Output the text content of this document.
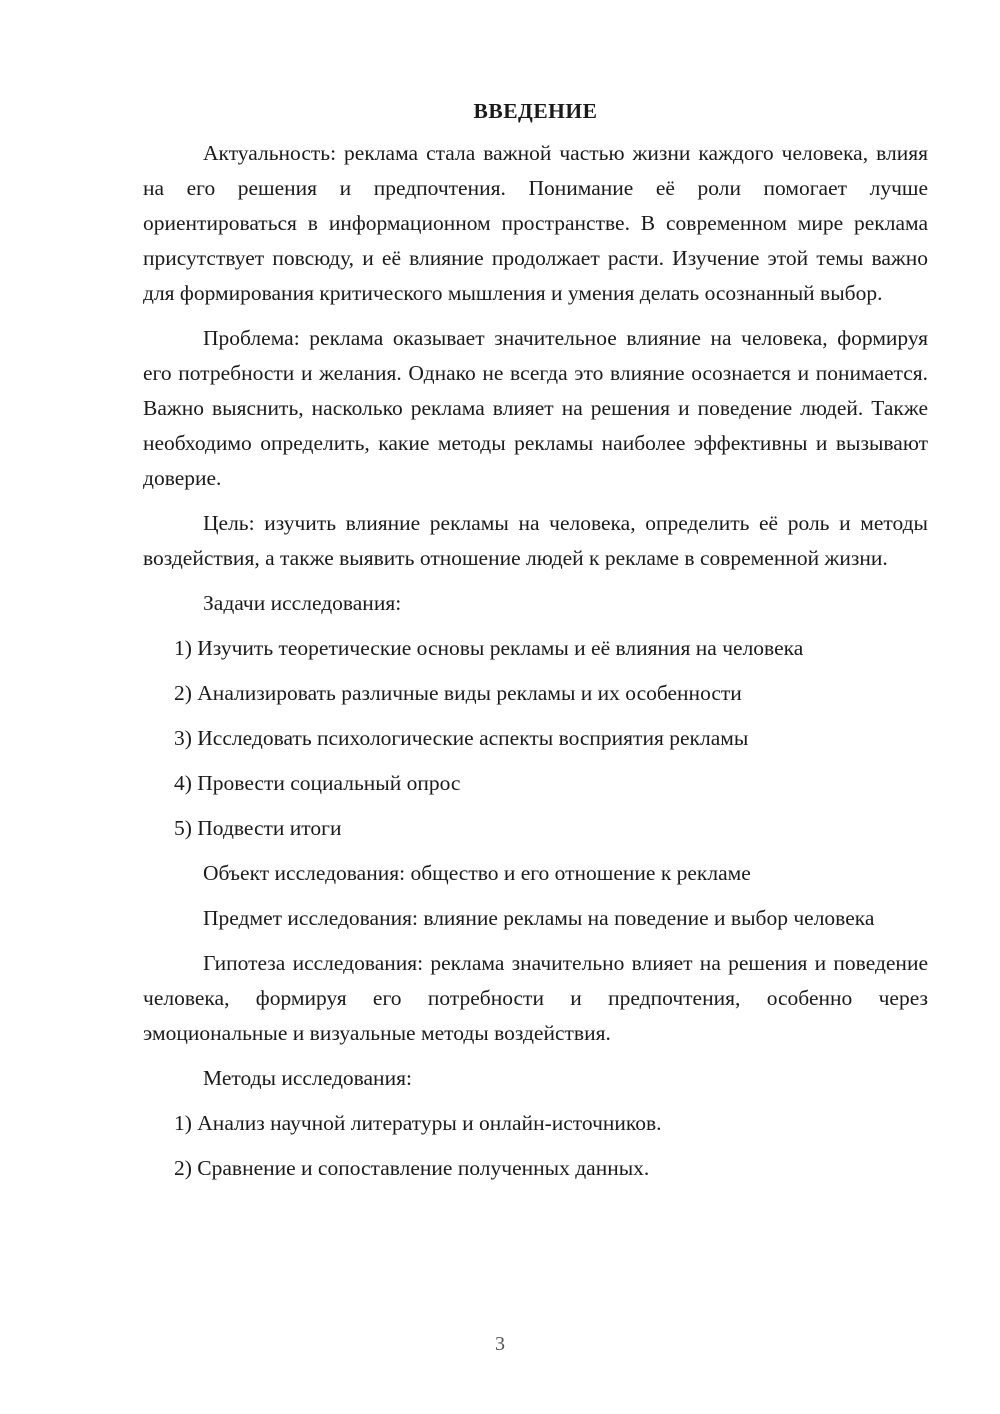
ВВЕДЕНИЕ

Актуальность: реклама стала важной частью жизни каждого человека, влияя на его решения и предпочтения. Понимание её роли помогает лучше ориентироваться в информационном пространстве. В современном мире реклама присутствует повсюду, и её влияние продолжает расти. Изучение этой темы важно для формирования критического мышления и умения делать осознанный выбор.

Проблема: реклама оказывает значительное влияние на человека, формируя его потребности и желания. Однако не всегда это влияние осознается и понимается. Важно выяснить, насколько реклама влияет на решения и поведение людей. Также необходимо определить, какие методы рекламы наиболее эффективны и вызывают доверие.

Цель: изучить влияние рекламы на человека, определить её роль и методы воздействия, а также выявить отношение людей к рекламе в современной жизни.

Задачи исследования:
1) Изучить теоретические основы рекламы и её влияния на человека
2) Анализировать различные виды рекламы и их особенности
3) Исследовать психологические аспекты восприятия рекламы
4) Провести социальный опрос
5) Подвести итоги
Объект исследования: общество и его отношение к рекламе

Предмет исследования: влияние рекламы на поведение и выбор человека

Гипотеза исследования: реклама значительно влияет на решения и поведение человека, формируя его потребности и предпочтения, особенно через эмоциональные и визуальные методы воздействия.

Методы исследования:
1) Анализ научной литературы и онлайн-источников.
2) Сравнение и сопоставление полученных данных.
3
